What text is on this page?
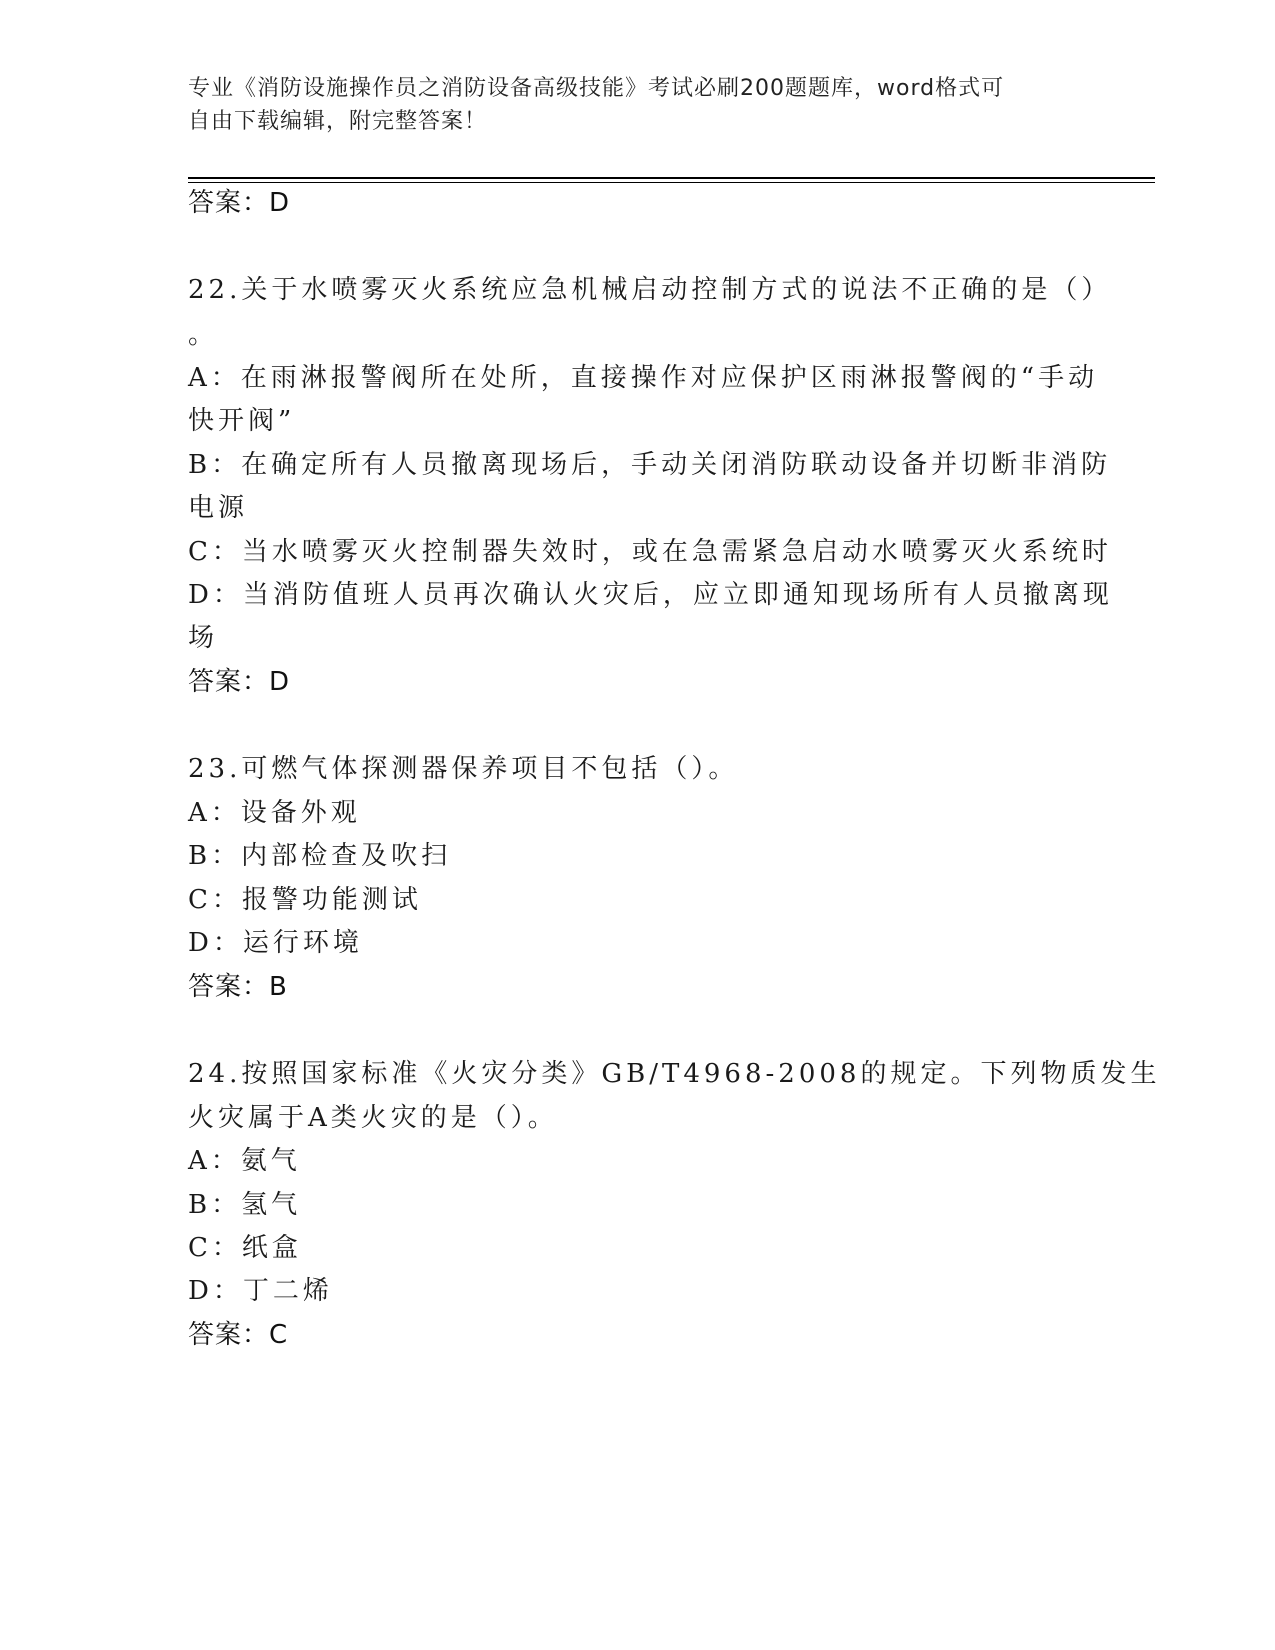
专业《消防设施操作员之消防设备高级技能》考试必刷200题题库，word格式可
自由下载编辑，附完整答案！
答案：D
22.关于水喷雾灭火系统应急机械启动控制方式的说法不正确的是（）
。
A：在雨淋报警阀所在处所，直接操作对应保护区雨淋报警阀的“手动
快开阀”
B：在确定所有人员撤离现场后，手动关闭消防联动设备并切断非消防
电源
C：当水喷雾灭火控制器失效时，或在急需紧急启动水喷雾灭火系统时
D：当消防值班人员再次确认火灾后，应立即通知现场所有人员撤离现
场
答案：D
23.可燃气体探测器保养项目不包括（）。
A：设备外观
B：内部检查及吹扫
C：报警功能测试
D：运行环境
答案：B
24.按照国家标准《火灾分类》GB/T4968-2008的规定。下列物质发生
火灾属于A类火灾的是（）。
A：氨气
B：氢气
C：纸盒
D：丁二烯
答案：C
